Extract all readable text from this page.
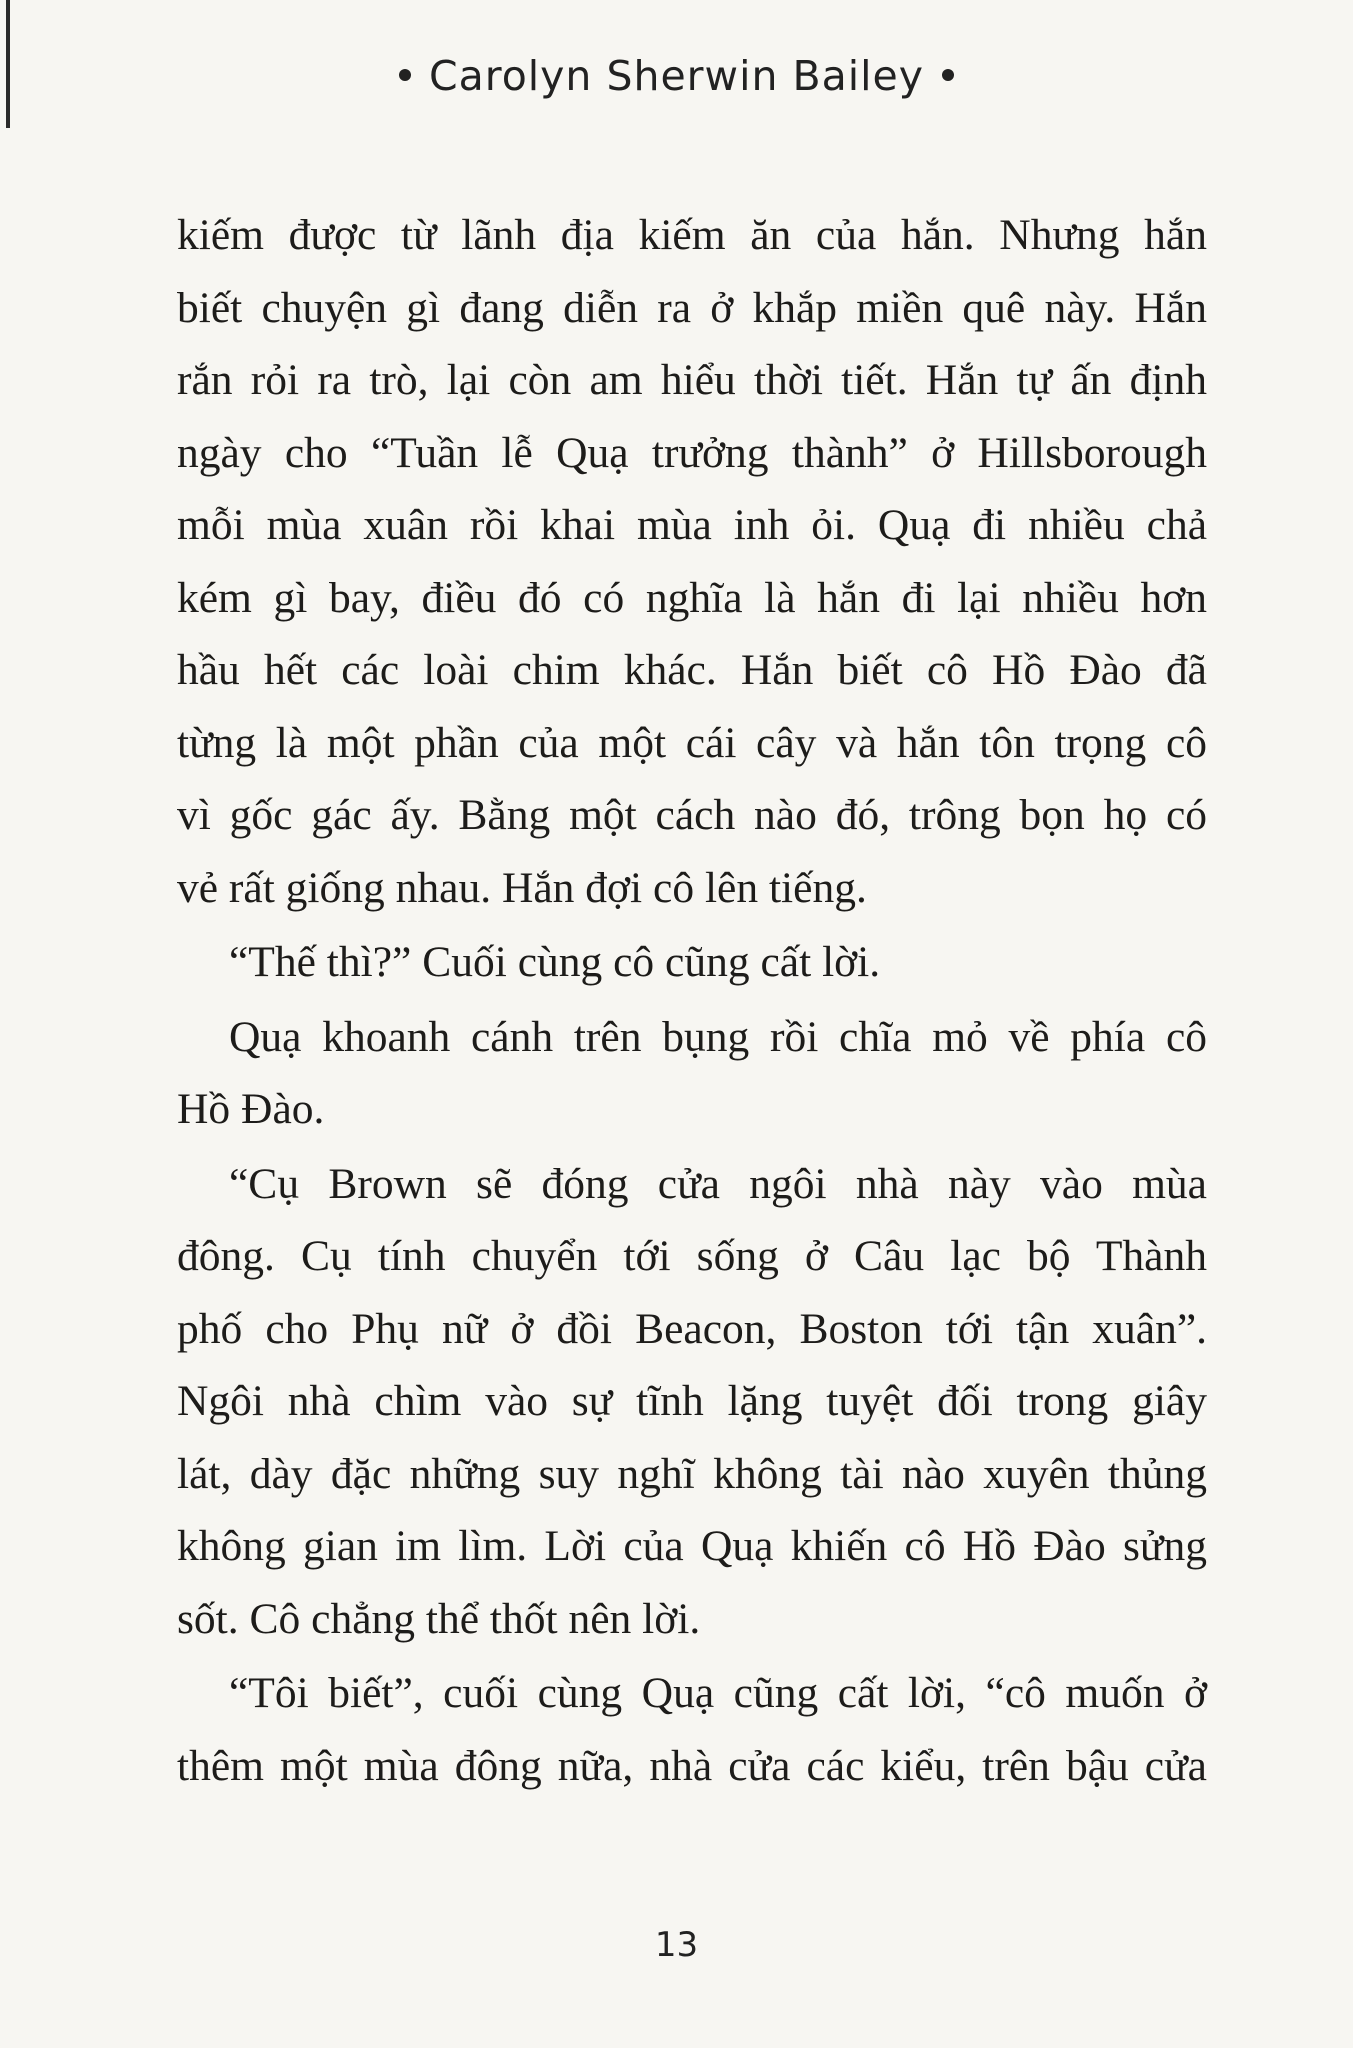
Carolyn Sherwin Bailey
kiếm được từ lãnh địa kiếm ăn của hắn. Nhưng hắn
biết chuyện gì đang diễn ra ở khắp miền quê này. Hắn
rắn rỏi ra trò, lại còn am hiểu thời tiết. Hắn tự ấn định
ngày cho “Tuần lễ Quạ trưởng thành” ở Hillsborough
mỗi mùa xuân rồi khai mùa inh ỏi. Quạ đi nhiều chả
kém gì bay, điều đó có nghĩa là hắn đi lại nhiều hơn
hầu hết các loài chim khác. Hắn biết cô Hồ Đào đã
từng là một phần của một cái cây và hắn tôn trọng cô
vì gốc gác ấy. Bằng một cách nào đó, trông bọn họ có
vẻ rất giống nhau. Hắn đợi cô lên tiếng.
“Thế thì?” Cuối cùng cô cũng cất lời.
Quạ khoanh cánh trên bụng rồi chĩa mỏ về phía cô
Hồ Đào.
“Cụ Brown sẽ đóng cửa ngôi nhà này vào mùa
đông. Cụ tính chuyển tới sống ở Câu lạc bộ Thành
phố cho Phụ nữ ở đồi Beacon, Boston tới tận xuân”.
Ngôi nhà chìm vào sự tĩnh lặng tuyệt đối trong giây
lát, dày đặc những suy nghĩ không tài nào xuyên thủng
không gian im lìm. Lời của Quạ khiến cô Hồ Đào sửng
sốt. Cô chẳng thể thốt nên lời.
“Tôi biết”, cuối cùng Quạ cũng cất lời, “cô muốn ở
thêm một mùa đông nữa, nhà cửa các kiểu, trên bậu cửa
13
